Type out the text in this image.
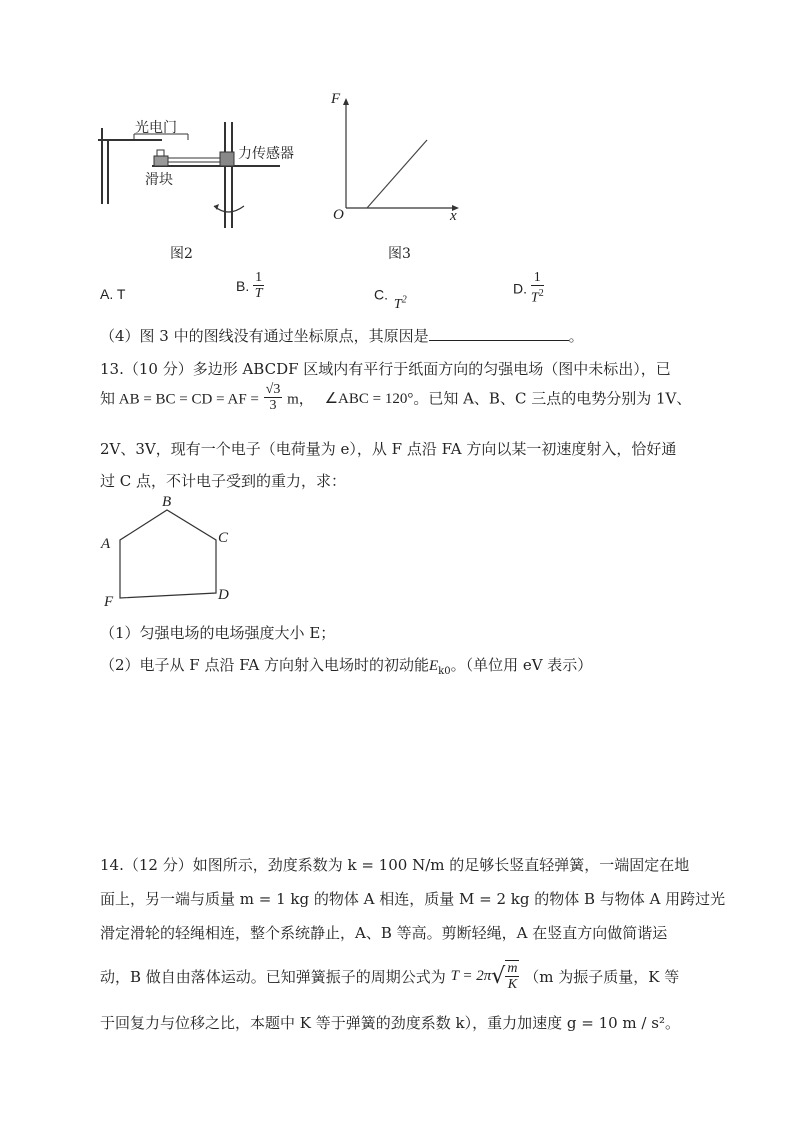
光电门
力传感器
滑块
图2
F
x
O
图3
A. T	B. $\frac{1}{T}$	C. $T^2$
D. $\frac{1}{T^2}$
（4）图 3 中的图线没有通过坐标原点，其原因是	。
13.（10 分）多边形 ABCDF 区域内有平行于纸面方向的匀强电场（图中未标出），已
知 AB = BC = CD = AF = $\frac{√3}{3}$ m， ∠ABC = 120°。已知 A、B、C 三点的电势分别为 1V、
2V、3V，现有一个电子（电荷量为 e），从 F 点沿 FA 方向以某一初速度射入，恰好通
过 C 点，不计电子受到的重力，求：
B
A	C
D
F
（1）匀强电场的电场强度大小 E；
（2）电子从 F 点沿 FA 方向射入电场时的初动能$E_{k0}$。（单位用 eV 表示）
14.（12 分）如图所示，劲度系数为 k = 100 N/m 的足够长竖直轻弹簧，一端固定在地
面上，另一端与质量 m = 1 kg 的物体 A 相连，质量 M = 2 kg 的物体 B 与物体 A 用跨过光
滑定滑轮的轻绳相连，整个系统静止，A、B 等高。剪断轻绳，A 在竖直方向做简谐运
动，B 做自由落体运动。已知弹簧振子的周期公式为 $T = 2\pi√ \frac{m}{K} (m$ 为振子质量，K 等
于回复力与位移之比，本题中 K 等于弹簧的劲度系数 k），重力加速度 g = 10 m / s²。
